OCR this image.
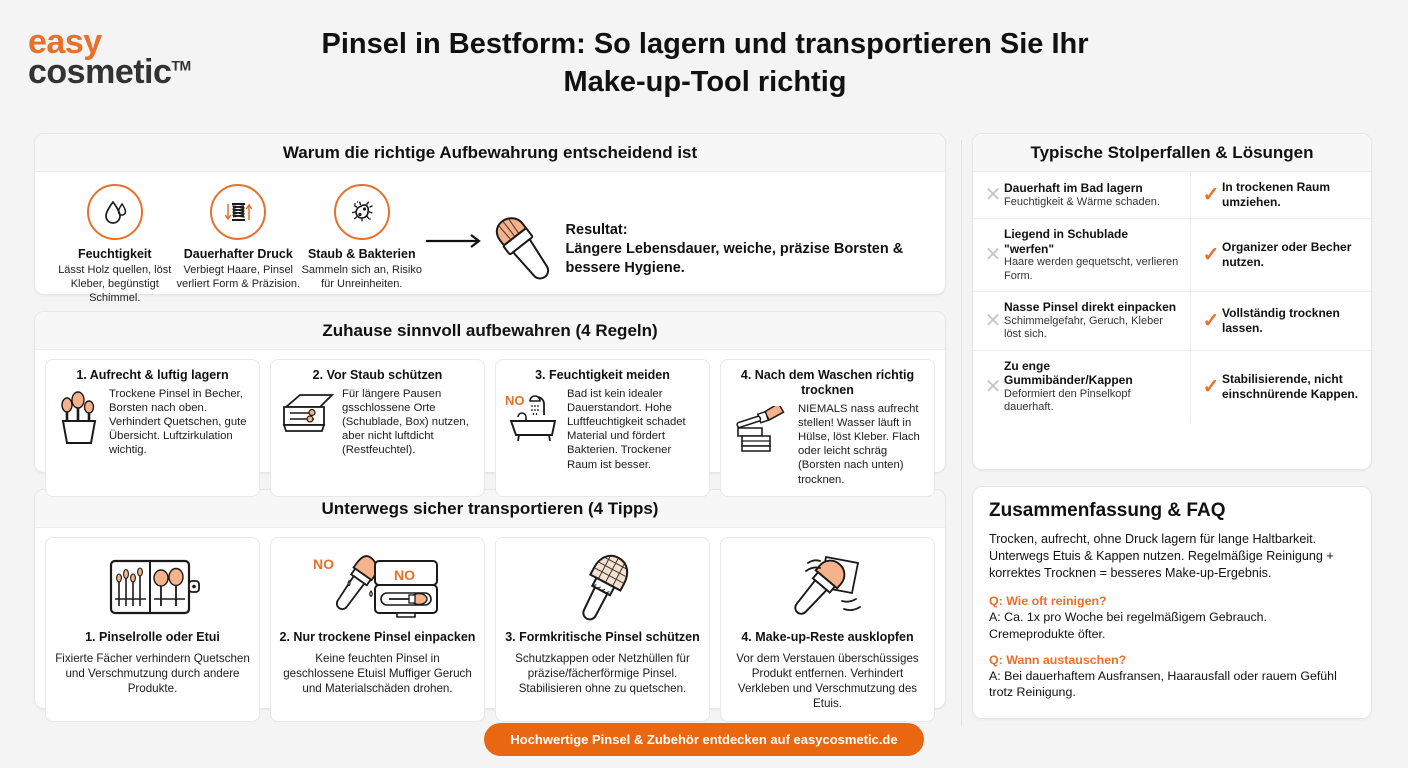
easy
cosmetic™
Pinsel in Bestform: So lagern und transportieren Sie Ihr Make-up-Tool richtig
Warum die richtige Aufbewahrung entscheidend ist
Feuchtigkeit
Lässt Holz quellen, löst Kleber, begünstigt Schimmel.
Dauerhafter Druck
Verbiegt Haare, Pinsel verliert Form & Präzision.
Staub & Bakterien
Sammeln sich an, Risiko für Unreinheiten.
Resultat:
Längere Lebensdauer, weiche, präzise Borsten & bessere Hygiene.
Zuhause sinnvoll aufbewahren (4 Regeln)
1. Aufrecht & luftig lagern
Trockene Pinsel in Becher, Borsten nach oben. Verhindert Quetschen, gute Übersicht. Luftzirkulation wichtig.
2. Vor Staub schützen
Für längere Pausen gsschlossene Orte (Schublade, Box) nutzen, aber nicht luftdicht (Restfeuchtel).
3. Feuchtigkeit meiden
NO	Bad ist kein idealer Dauerstandort. Hohe Luftfeuchtigkeit schadet Material und fördert Bakterien. Trockener Raum ist besser.
4. Nach dem Waschen richtig trocknen
NIEMALS nass aufrecht stellen! Wasser läuft in Hülse, löst Kleber. Flach oder leicht schräg (Borsten nach unten) trocknen.
Unterwegs sicher transportieren (4 Tipps)
1. Pinselrolle oder Etui
Fixierte Fächer verhindern Quetschen und Verschmutzung durch andere Produkte.
NO
NO
2. Nur trockene Pinsel einpacken
Keine feuchten Pinsel in geschlossene Etuisl Muffiger Geruch und Materialschäden drohen.
3. Formkritische Pinsel schützen
Schutzkappen oder Netzhüllen für präzise/fächerförmige Pinsel. Stabilisieren ohne zu quetschen.
4. Make-up-Reste ausklopfen
Vor dem Verstauen überschüssiges Produkt entfernen. Verhindert Verkleben und Verschmutzung des Etuis.
Typische Stolperfallen & Lösungen
✕ Dauerhaft im Bad lagern
Feuchtigkeit & Wärme schaden. ✓ In trockenen Raum umziehen.
✕
Liegend in Schublade "werfen"
Haare werden gequetscht, verlieren Form.
✓ Organizer oder Becher nutzen.
✕
Nasse Pinsel direkt einpacken
Schimmelgefahr, Geruch, Kleber löst sich.
✓ Vollständig trocknen lassen.
✕
Zu enge Gummibänder/Kappen
Deformiert den Pinselkopf dauerhaft.
✓ Stabilisierende, nicht einschnürende Kappen.
Zusammenfassung & FAQ
Trocken, aufrecht, ohne Druck lagern für lange Haltbarkeit. Unterwegs Etuis & Kappen nutzen. Regelmäßige Reinigung + korrektes Trocknen = besseres Make-up-Ergebnis.
Q: Wie oft reinigen?
A: Ca. 1x pro Woche bei regelmäßigem Gebrauch. Cremeprodukte öfter.
Q: Wann austauschen?
A: Bei dauerhaftem Ausfransen, Haarausfall oder rauem Gefühl trotz Reinigung.
Hochwertige Pinsel & Zubehör entdecken auf easycosmetic.de
